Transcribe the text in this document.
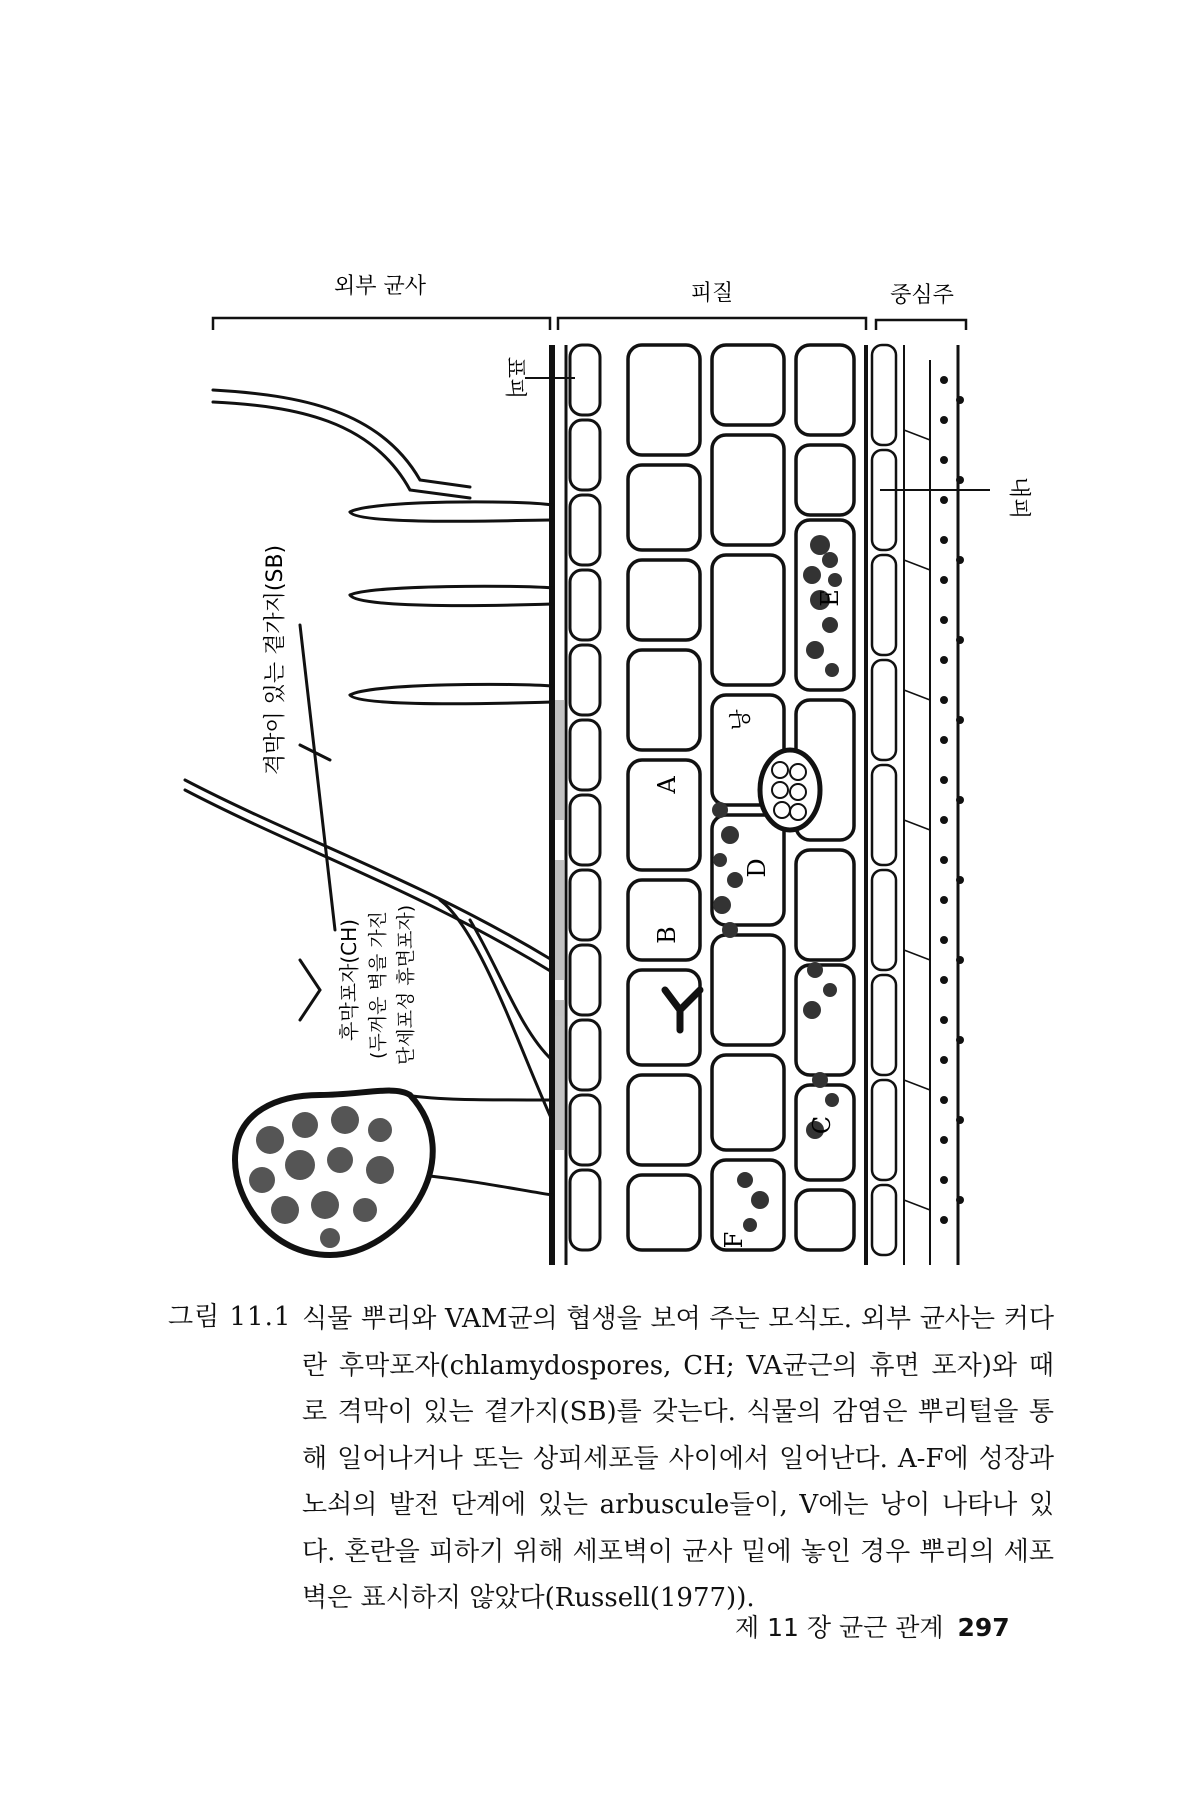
외부 균사	피질	중심주
표피
내피
격막이 있는 곁가지(SB)
후막포자(CH) (두꺼운 벽을 가진 단세포성 휴면포자)
낭
A
B
C
D
E
F
그림 11.1 식물 뿌리와 VAM균의 협생을 보여 주는 모식도. 외부 균사는 커다란 후막포자(chlamydospores, CH; VA균근의 휴면 포자)와 때로 격막이 있는 곁가지(SB)를 갖는다. 식물의 감염은 뿌리털을 통해 일어나거나 또는 상피세포들 사이에서 일어난다. A-F에 성장과 노쇠의 발전 단계에 있는 arbuscule들이, V에는 낭이 나타나 있다. 혼란을 피하기 위해 세포벽이 균사 밑에 놓인 경우 뿌리의 세포벽은 표시하지 않았다(Russell(1977)).
제 11 장 균근 관계 297
